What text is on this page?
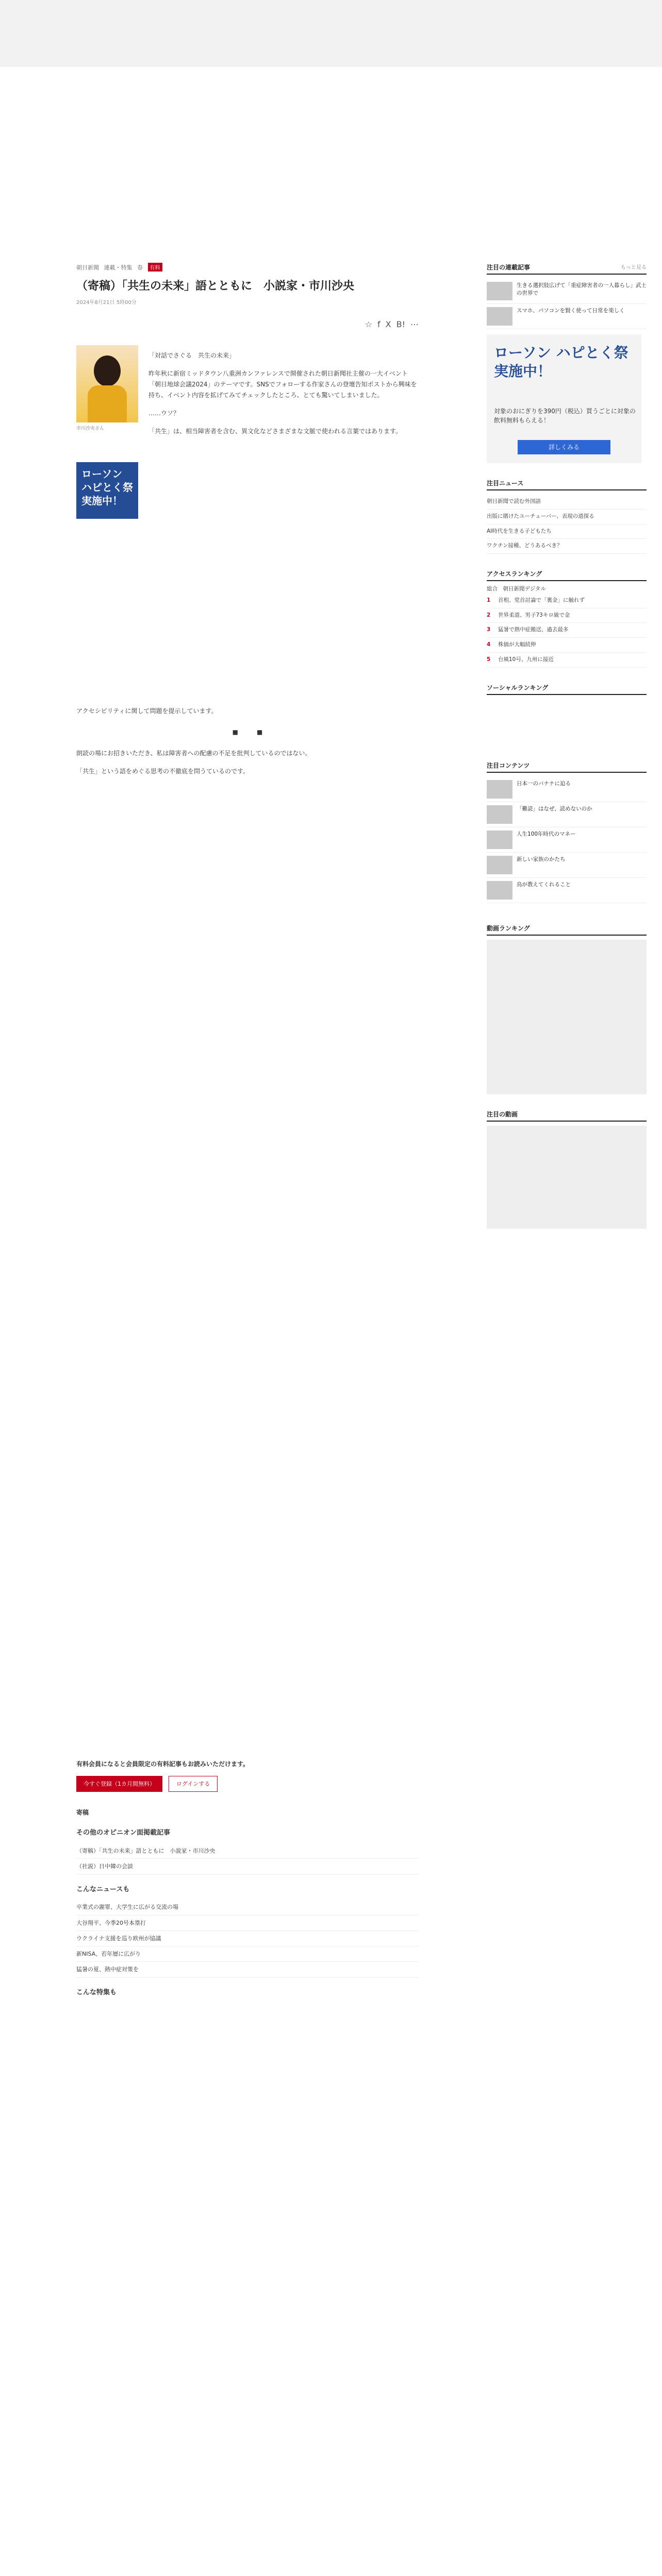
朝日新聞 連載・特集 春 有料
（寄稿）「共生の未来」語とともに　小説家・市川沙央
2024年8月21日 5時00分
☆ f X B! ⋯
市川沙央さん
ローソン ハピとく祭 実施中！

「対話でさぐる　共生の未来」

昨年秋に新宿ミッドタウン八重洲カンファレンスで開催された朝日新聞社主催の一大イベント「朝日地球会議2024」のテーマです。SNSでフォローする作家さんの登壇告知ポストから興味を持ち、イベント内容を拡げてみてチェックしたところ、とても驚いてしまいました。

……ウソ？

「共生」は、相当障害者を含む、異文化などさまざまな文脈で使われる言葉ではあります。

アクセシビリティに関して問題を提示しています。

■　　　■

朗読の場にお招きいただき、私は障害者への配慮の不足を批判しているのではない。

「共生」という語をめぐる思考の不徹底を問うているのです。

有料会員になると会員限定の有料記事もお読みいただけます。

今すぐ登録（1カ月間無料）	ログインする
寄稿
その他のオピニオン面掲載記事
（寄稿）「共生の未来」語とともに　小説家・市川沙央
（社説）日中韓の会談
こんなニュースも
卒業式の謝罪、大学生に広がる交流の場
大谷翔平、今季20号本塁打
ウクライナ支援を巡り欧州が協議
新NISA、若年層に広がり
猛暑の夏、熱中症対策を
こんな特集も
注目の連載記事	もっと見る
生きる選択肢広げて「重症障害者の一人暮らし」武士の世界で
スマホ、パソコンを賢く使って日常を楽しく
ローソン ハピとく祭 実施中！
対象のおにぎりを390円（税込）買うごとに対象の飲料無料もらえる！
詳しくみる
注目ニュース
朝日新聞で読む外国語
出版に賭けたユーチューバー、表現の道探る
AI時代を生きる子どもたち
ワクチン接種、どうあるべき？
アクセスランキング
総合　 朝日新聞デジタル
1	首相、党首討論で「裏金」に触れず
2	世界柔道、男子73キロ級で金
3	猛暑で熱中症搬送、過去最多
4	株価が大幅続伸
5	台風10号、九州に接近
ソーシャルランキング
注目コンテンツ
日本一のバナナに迫る
「難読」はなぜ、読めないのか
人生100年時代のマネー
新しい家族のかたち
鳥が教えてくれること
動画ランキング
注目の動画
